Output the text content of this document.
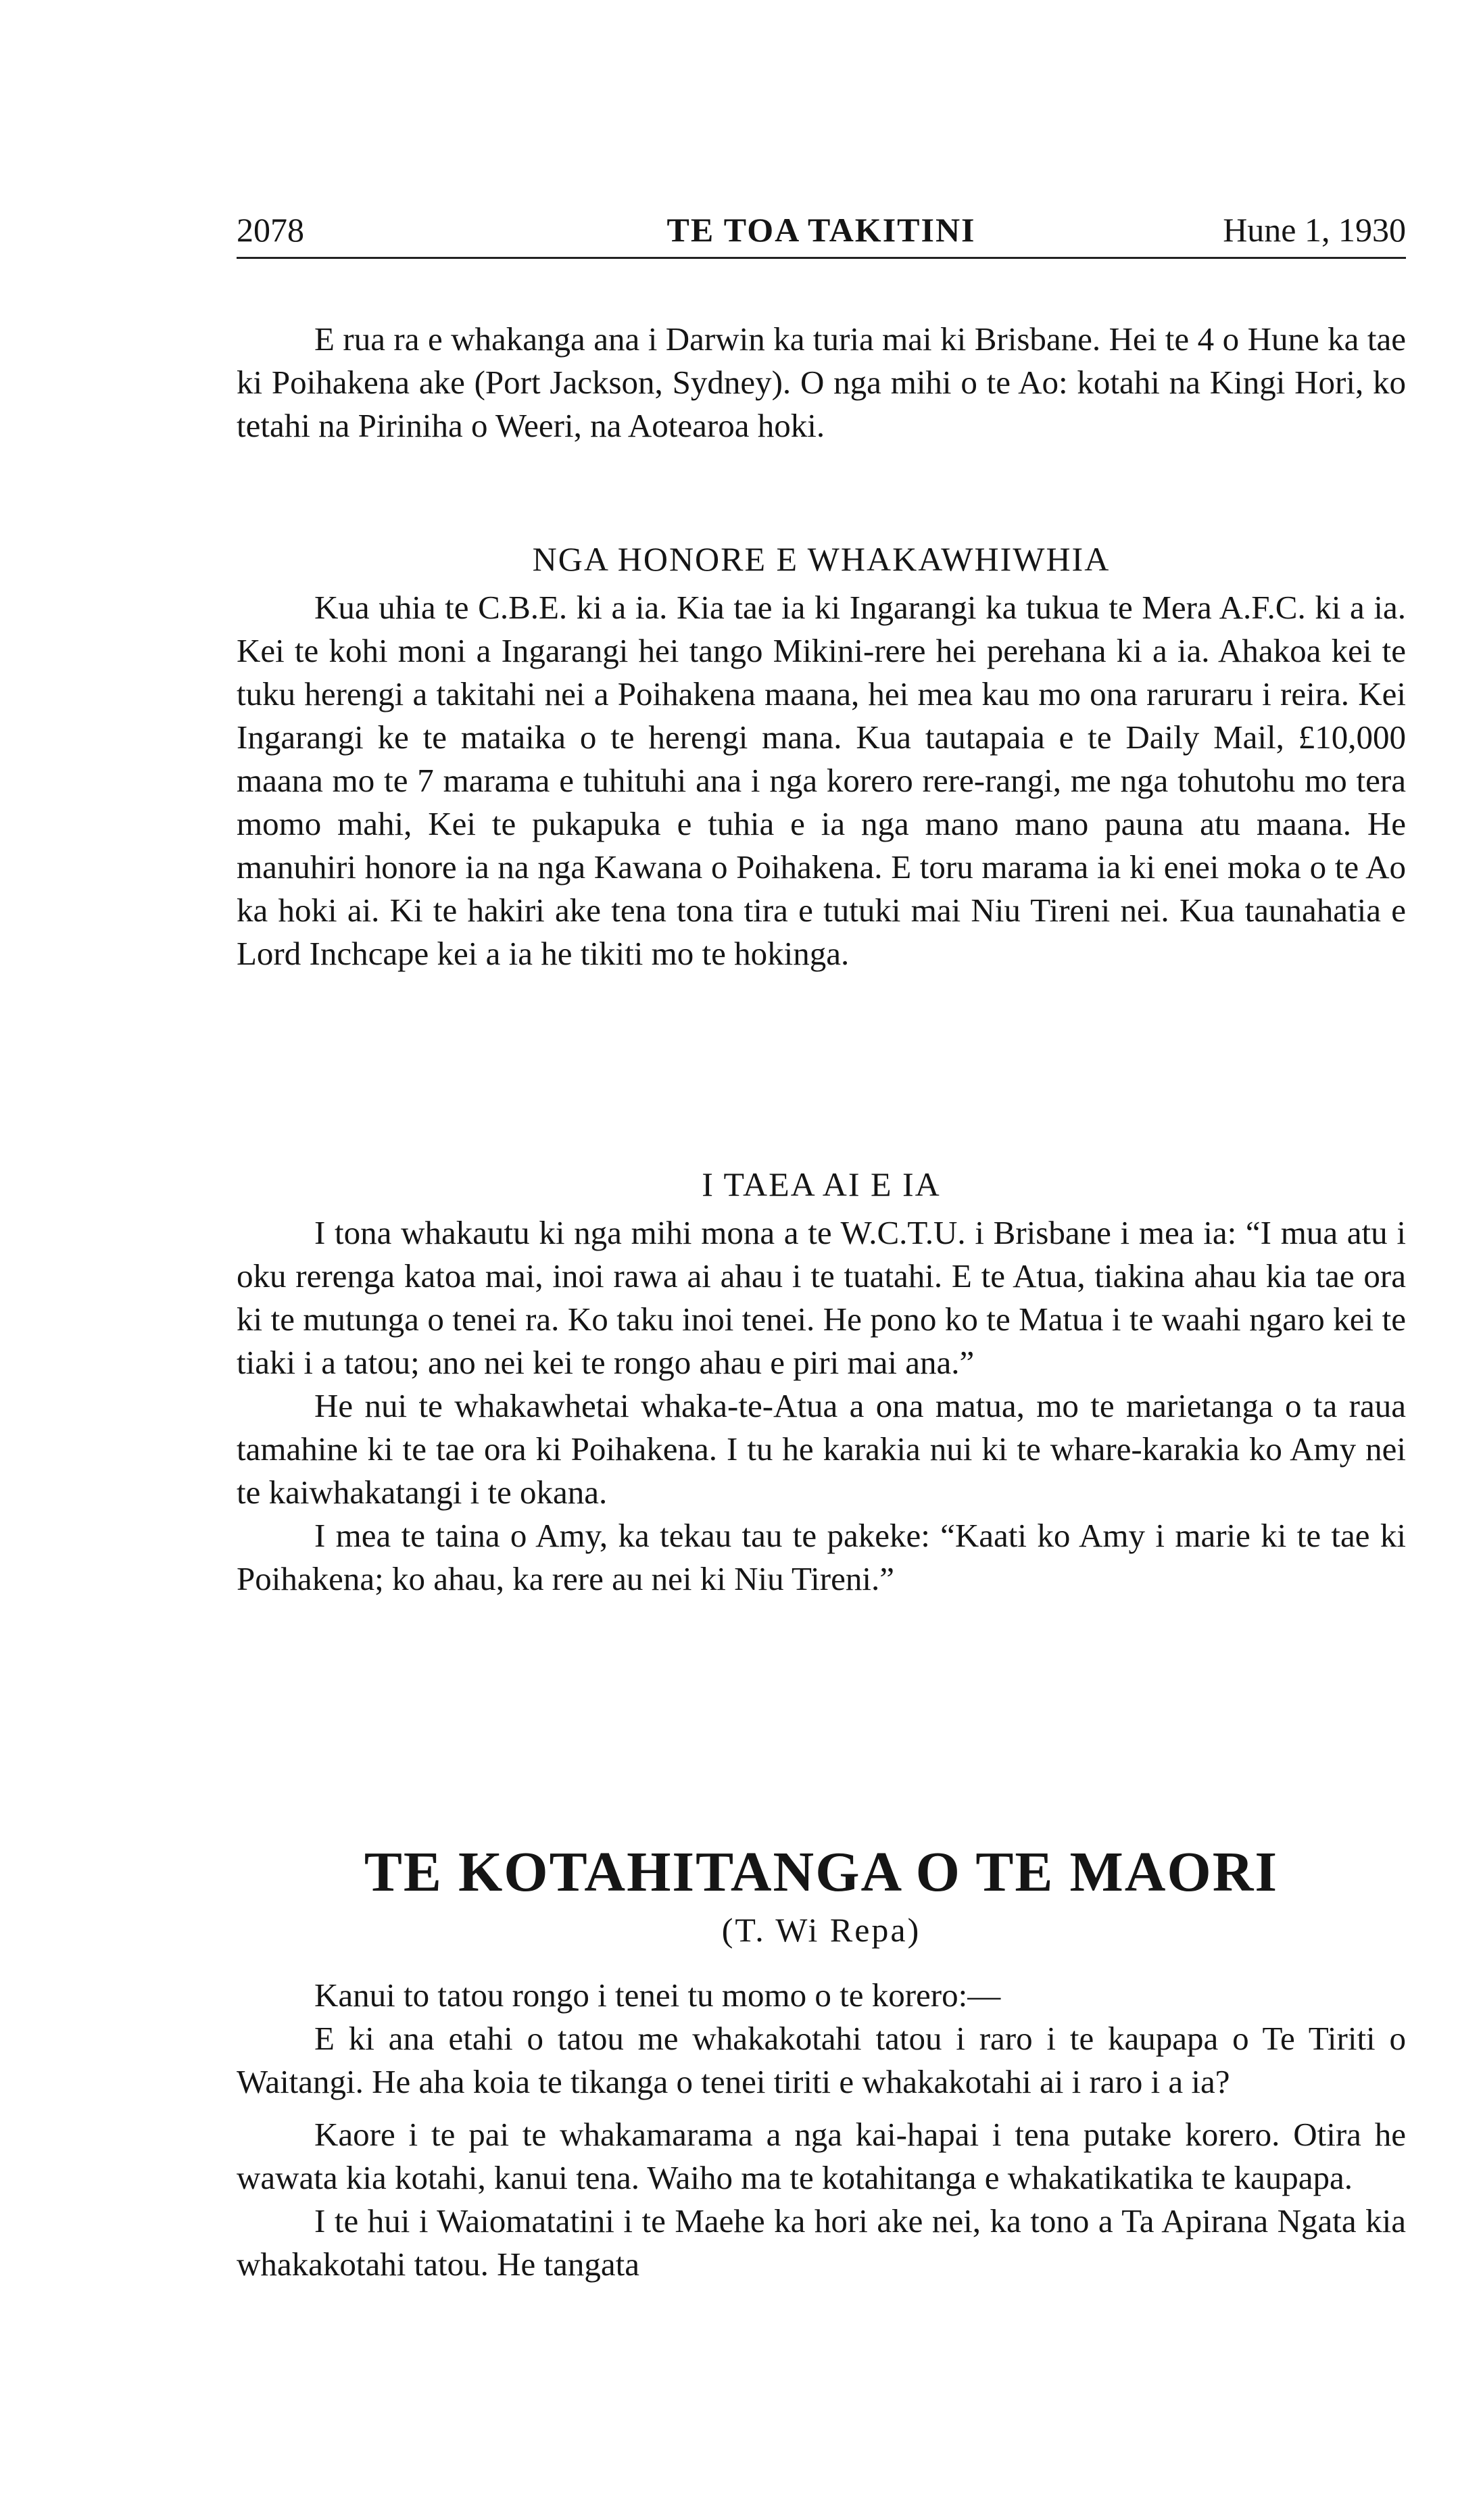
2078	TE TOA TAKITINI	Hune 1, 1930

E rua ra e whakanga ana i Darwin ka turia mai ki Brisbane. Hei te 4 o Hune ka tae ki Poihakena ake (Port Jackson, Sydney). O nga mihi o te Ao: kotahi na Kingi Hori, ko tetahi na Piriniha o Weeri, na Aotearoa hoki.

NGA HONORE E WHAKAWHIWHIA

Kua uhia te C.B.E. ki a ia. Kia tae ia ki Ingarangi ka tukua te Mera A.F.C. ki a ia. Kei te kohi moni a Ingarangi hei tango Mikini-rere hei perehana ki a ia. Ahakoa kei te tuku herengi a takitahi nei a Poihakena maana, hei mea kau mo ona raruraru i reira. Kei Ingarangi ke te mataika o te herengi mana. Kua tautapaia e te Daily Mail, £10,000 maana mo te 7 marama e tuhituhi ana i nga korero rere-rangi, me nga tohutohu mo tera momo mahi, Kei te pukapuka e tuhia e ia nga mano mano pauna atu maana. He manuhiri honore ia na nga Kawana o Poihakena. E toru marama ia ki enei moka o te Ao ka hoki ai. Ki te hakiri ake tena tona tira e tutuki mai Niu Tireni nei. Kua taunahatia e Lord Inchcape kei a ia he tikiti mo te hokinga.

I TAEA AI E IA

I tona whakautu ki nga mihi mona a te W.C.T.U. i Brisbane i mea ia: “I mua atu i oku rerenga katoa mai, inoi rawa ai ahau i te tuatahi. E te Atua, tiakina ahau kia tae ora ki te mutunga o tenei ra. Ko taku inoi tenei. He pono ko te Matua i te waahi ngaro kei te tiaki i a tatou; ano nei kei te rongo ahau e piri mai ana.”

He nui te whakawhetai whaka-te-Atua a ona matua, mo te marietanga o ta raua tamahine ki te tae ora ki Poihakena. I tu he karakia nui ki te whare-karakia ko Amy nei te kaiwhakatangi i te okana.

I mea te taina o Amy, ka tekau tau te pakeke: “Kaati ko Amy i marie ki te tae ki Poihakena; ko ahau, ka rere au nei ki Niu Tireni.”

TE KOTAHITANGA O TE MAORI
(T. Wi Repa)

Kanui to tatou rongo i tenei tu momo o te korero:—

E ki ana etahi o tatou me whakakotahi tatou i raro i te kaupapa o Te Tiriti o Waitangi. He aha koia te tikanga o tenei tiriti e whakakotahi ai i raro i a ia?

Kaore i te pai te whakamarama a nga kai-hapai i tena putake korero. Otira he wawata kia kotahi, kanui tena. Waiho ma te kotahitanga e whakatikatika te kaupapa.

I te hui i Waiomatatini i te Maehe ka hori ake nei, ka tono a Ta Apirana Ngata kia whakakotahi tatou. He tangata
